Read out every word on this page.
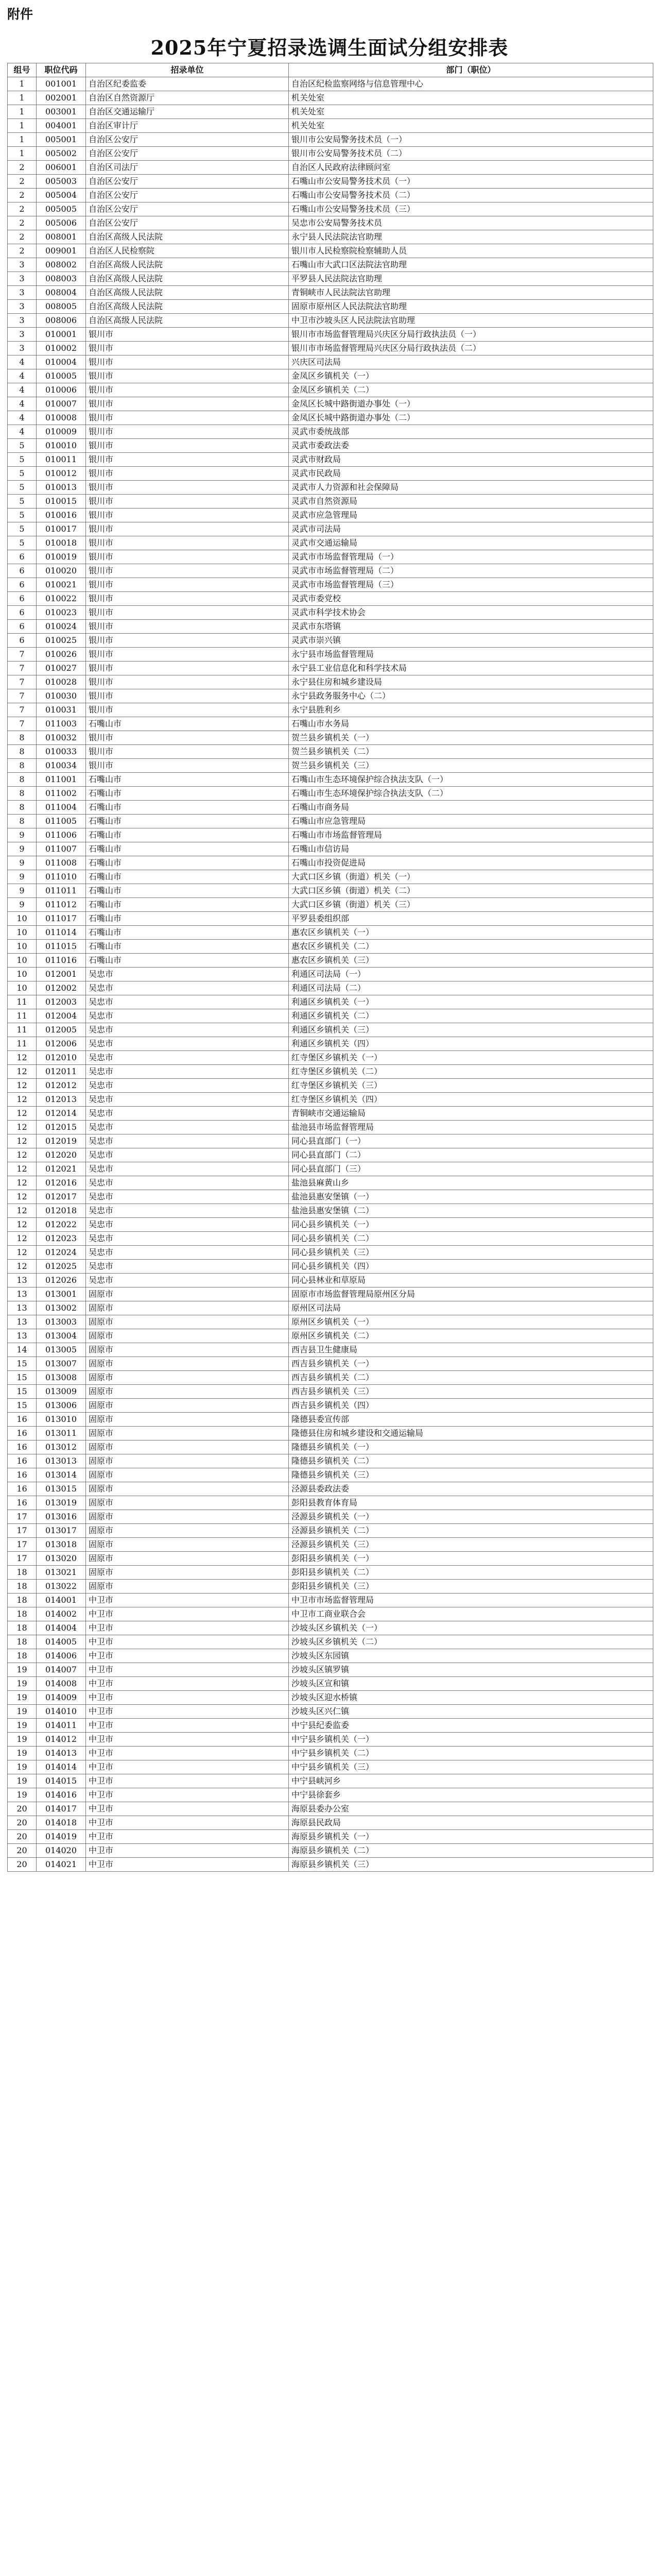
附件
2025年宁夏招录选调生面试分组安排表
组号	职位代码	招录单位	部门（职位）
1	001001	自治区纪委监委	自治区纪检监察网络与信息管理中心
1	002001	自治区自然资源厅	机关处室
1	003001	自治区交通运输厅	机关处室
1	004001	自治区审计厅	机关处室
1	005001	自治区公安厅	银川市公安局警务技术员（一）
1	005002	自治区公安厅	银川市公安局警务技术员（二）
2	006001	自治区司法厅	自治区人民政府法律顾问室
2	005003	自治区公安厅	石嘴山市公安局警务技术员（一）
2	005004	自治区公安厅	石嘴山市公安局警务技术员（二）
2	005005	自治区公安厅	石嘴山市公安局警务技术员（三）
2	005006	自治区公安厅	吴忠市公安局警务技术员
2	008001	自治区高级人民法院	永宁县人民法院法官助理
2	009001	自治区人民检察院	银川市人民检察院检察辅助人员
3	008002	自治区高级人民法院	石嘴山市大武口区法院法官助理
3	008003	自治区高级人民法院	平罗县人民法院法官助理
3	008004	自治区高级人民法院	青铜峡市人民法院法官助理
3	008005	自治区高级人民法院	固原市原州区人民法院法官助理
3	008006	自治区高级人民法院	中卫市沙坡头区人民法院法官助理
3	010001	银川市	银川市市场监督管理局兴庆区分局行政执法员（一）
3	010002	银川市	银川市市场监督管理局兴庆区分局行政执法员（二）
4	010004	银川市	兴庆区司法局
4	010005	银川市	金凤区乡镇机关（一）
4	010006	银川市	金凤区乡镇机关（二）
4	010007	银川市	金凤区长城中路街道办事处（一）
4	010008	银川市	金凤区长城中路街道办事处（二）
4	010009	银川市	灵武市委统战部
5	010010	银川市	灵武市委政法委
5	010011	银川市	灵武市财政局
5	010012	银川市	灵武市民政局
5	010013	银川市	灵武市人力资源和社会保障局
5	010015	银川市	灵武市自然资源局
5	010016	银川市	灵武市应急管理局
5	010017	银川市	灵武市司法局
5	010018	银川市	灵武市交通运输局
6	010019	银川市	灵武市市场监督管理局（一）
6	010020	银川市	灵武市市场监督管理局（二）
6	010021	银川市	灵武市市场监督管理局（三）
6	010022	银川市	灵武市委党校
6	010023	银川市	灵武市科学技术协会
6	010024	银川市	灵武市东塔镇
6	010025	银川市	灵武市崇兴镇
7	010026	银川市	永宁县市场监督管理局
7	010027	银川市	永宁县工业信息化和科学技术局
7	010028	银川市	永宁县住房和城乡建设局
7	010030	银川市	永宁县政务服务中心（二）
7	010031	银川市	永宁县胜利乡
7	011003	石嘴山市	石嘴山市水务局
8	010032	银川市	贺兰县乡镇机关（一）
8	010033	银川市	贺兰县乡镇机关（二）
8	010034	银川市	贺兰县乡镇机关（三）
8	011001	石嘴山市	石嘴山市生态环境保护综合执法支队（一）
8	011002	石嘴山市	石嘴山市生态环境保护综合执法支队（二）
8	011004	石嘴山市	石嘴山市商务局
8	011005	石嘴山市	石嘴山市应急管理局
9	011006	石嘴山市	石嘴山市市场监督管理局
9	011007	石嘴山市	石嘴山市信访局
9	011008	石嘴山市	石嘴山市投资促进局
9	011010	石嘴山市	大武口区乡镇（街道）机关（一）
9	011011	石嘴山市	大武口区乡镇（街道）机关（二）
9	011012	石嘴山市	大武口区乡镇（街道）机关（三）
10	011017	石嘴山市	平罗县委组织部
10	011014	石嘴山市	惠农区乡镇机关（一）
10	011015	石嘴山市	惠农区乡镇机关（二）
10	011016	石嘴山市	惠农区乡镇机关（三）
10	012001	吴忠市	利通区司法局（一）
10	012002	吴忠市	利通区司法局（二）
11	012003	吴忠市	利通区乡镇机关（一）
11	012004	吴忠市	利通区乡镇机关（二）
11	012005	吴忠市	利通区乡镇机关（三）
11	012006	吴忠市	利通区乡镇机关（四）
12	012010	吴忠市	红寺堡区乡镇机关（一）
12	012011	吴忠市	红寺堡区乡镇机关（二）
12	012012	吴忠市	红寺堡区乡镇机关（三）
12	012013	吴忠市	红寺堡区乡镇机关（四）
12	012014	吴忠市	青铜峡市交通运输局
12	012015	吴忠市	盐池县市场监督管理局
12	012019	吴忠市	同心县直部门（一）
12	012020	吴忠市	同心县直部门（二）
12	012021	吴忠市	同心县直部门（三）
12	012016	吴忠市	盐池县麻黄山乡
12	012017	吴忠市	盐池县惠安堡镇（一）
12	012018	吴忠市	盐池县惠安堡镇（二）
12	012022	吴忠市	同心县乡镇机关（一）
12	012023	吴忠市	同心县乡镇机关（二）
12	012024	吴忠市	同心县乡镇机关（三）
12	012025	吴忠市	同心县乡镇机关（四）
13	012026	吴忠市	同心县林业和草原局
13	013001	固原市	固原市市场监督管理局原州区分局
13	013002	固原市	原州区司法局
13	013003	固原市	原州区乡镇机关（一）
13	013004	固原市	原州区乡镇机关（二）
14	013005	固原市	西吉县卫生健康局
15	013007	固原市	西吉县乡镇机关（一）
15	013008	固原市	西吉县乡镇机关（二）
15	013009	固原市	西吉县乡镇机关（三）
15	013006	固原市	西吉县乡镇机关（四）
16	013010	固原市	隆德县委宣传部
16	013011	固原市	隆德县住房和城乡建设和交通运输局
16	013012	固原市	隆德县乡镇机关（一）
16	013013	固原市	隆德县乡镇机关（二）
16	013014	固原市	隆德县乡镇机关（三）
16	013015	固原市	泾源县委政法委
16	013019	固原市	彭阳县教育体育局
17	013016	固原市	泾源县乡镇机关（一）
17	013017	固原市	泾源县乡镇机关（二）
17	013018	固原市	泾源县乡镇机关（三）
17	013020	固原市	彭阳县乡镇机关（一）
18	013021	固原市	彭阳县乡镇机关（二）
18	013022	固原市	彭阳县乡镇机关（三）
18	014001	中卫市	中卫市市场监督管理局
18	014002	中卫市	中卫市工商业联合会
18	014004	中卫市	沙坡头区乡镇机关（一）
18	014005	中卫市	沙坡头区乡镇机关（二）
18	014006	中卫市	沙坡头区东园镇
19	014007	中卫市	沙坡头区镇罗镇
19	014008	中卫市	沙坡头区宣和镇
19	014009	中卫市	沙坡头区迎水桥镇
19	014010	中卫市	沙坡头区兴仁镇
19	014011	中卫市	中宁县纪委监委
19	014012	中卫市	中宁县乡镇机关（一）
19	014013	中卫市	中宁县乡镇机关（二）
19	014014	中卫市	中宁县乡镇机关（三）
19	014015	中卫市	中宁县峡河乡
19	014016	中卫市	中宁县徐套乡
20	014017	中卫市	海原县委办公室
20	014018	中卫市	海原县民政局
20	014019	中卫市	海原县乡镇机关（一）
20	014020	中卫市	海原县乡镇机关（二）
20	014021	中卫市	海原县乡镇机关（三）
